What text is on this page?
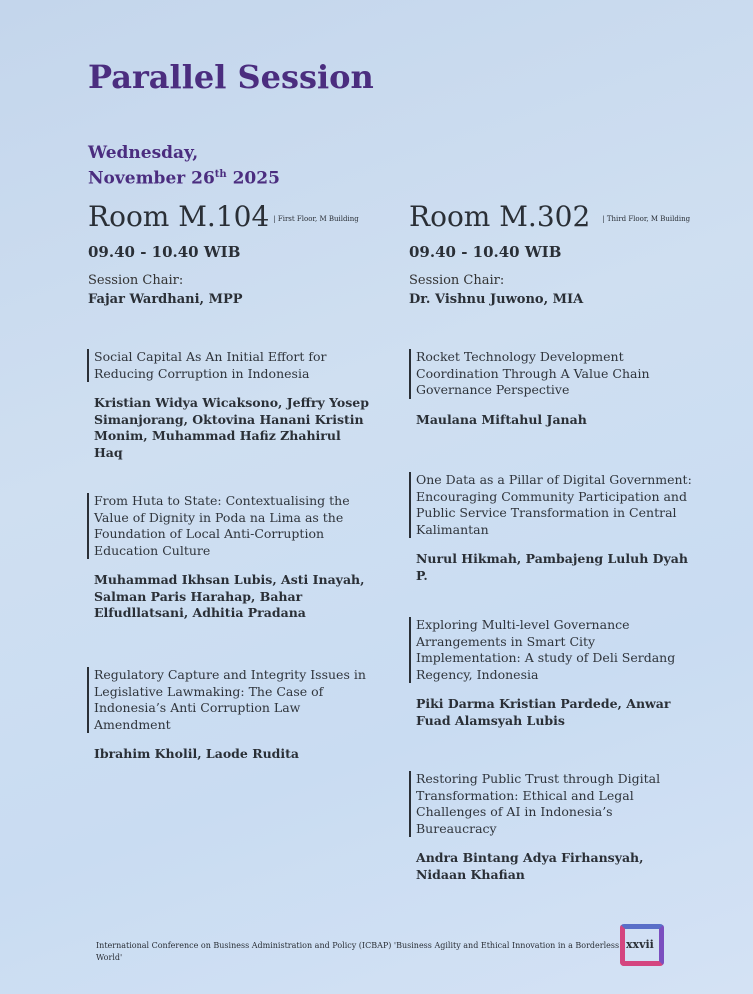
Parallel Session
Wednesday,
November 26th 2025
Room M.104 | First Floor, M Building
09.40 - 10.40 WIB
Session Chair:
Fajar Wardhani, MPP
Room M.302 | Third Floor, M Building
09.40 - 10.40 WIB
Session Chair:
Dr. Vishnu Juwono, MIA
Social Capital As An Initial Effort for Reducing Corruption in Indonesia
Kristian Widya Wicaksono, Jeffry Yosep Simanjorang, Oktovina Hanani Kristin Monim, Muhammad Hafiz Zhahirul Haq
From Huta to State: Contextualising the Value of Dignity in Poda na Lima as the Foundation of Local Anti-Corruption Education Culture
Muhammad Ikhsan Lubis, Asti Inayah, Salman Paris Harahap, Bahar Elfudllatsani, Adhitia Pradana
Regulatory Capture and Integrity Issues in Legislative Lawmaking: The Case of Indonesia’s Anti Corruption Law Amendment
Ibrahim Kholil, Laode Rudita
Rocket Technology Development Coordination Through A Value Chain Governance Perspective
Maulana Miftahul Janah
One Data as a Pillar of Digital Government: Encouraging Community Participation and Public Service Transformation in Central Kalimantan
Nurul Hikmah, Pambajeng Luluh Dyah P.
Exploring Multi-level Governance Arrangements in Smart City Implementation: A study of Deli Serdang Regency, Indonesia
Piki Darma Kristian Pardede, Anwar Fuad Alamsyah Lubis
Restoring Public Trust through Digital Transformation: Ethical and Legal Challenges of AI in Indonesia’s Bureaucracy
Andra Bintang Adya Firhansyah, Nidaan Khafian
International Conference on Business Administration and Policy (ICBAP) 'Business Agility and Ethical Innovation in a Borderless World'
xxvii
